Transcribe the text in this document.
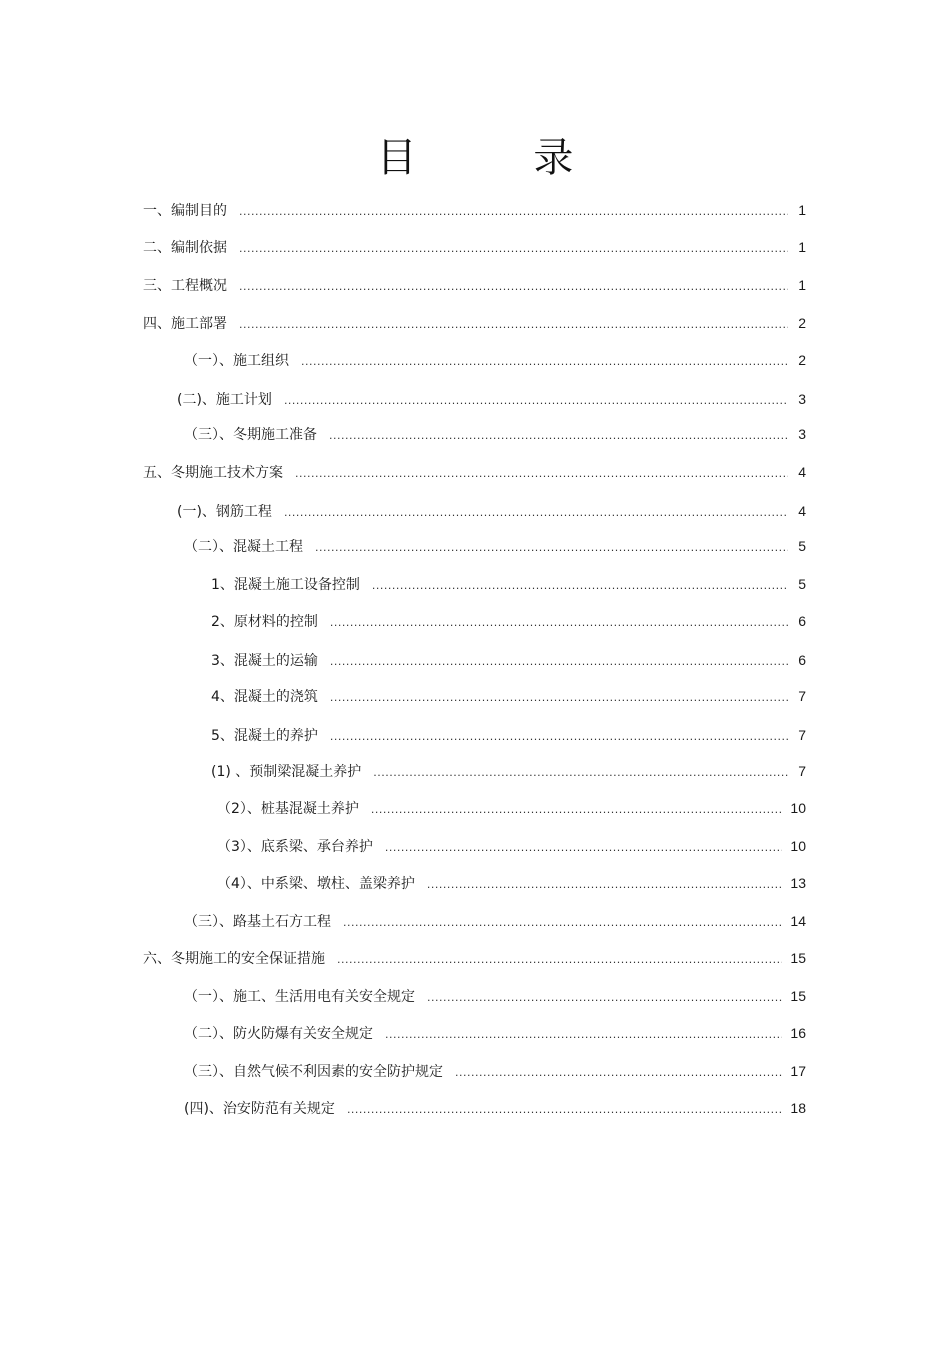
目 录
一、编制目的 .....	1
二、编制依据 .....	1
三、工程概况 .....	1
四、施工部署 .....	2
（一）、施工组织 .....	2
(二)、施工计划 .....	3
（三）、冬期施工准备 .....	3
五、冬期施工技术方案 .....	4
(一)、钢筋工程 .....	4
（二）、混凝土工程 .....	5
1、混凝土施工设备控制 .....	5
2、原材料的控制 .....	6
3、混凝土的运输 .....	6
4、混凝土的浇筑 .....	7
5、混凝土的养护 .....	7
(1) 、预制梁混凝土养护 .....	7
（2）、桩基混凝土养护 .....	10
（3）、底系梁、承台养护 .....	10
（4）、中系梁、墩柱、盖梁养护 .....	13
（三）、路基土石方工程 .....	14
六、冬期施工的安全保证措施 .....	15
（一）、施工、生活用电有关安全规定 .....	15
（二）、防火防爆有关安全规定 .....	16
（三）、自然气候不利因素的安全防护规定 .....	17
(四)、治安防范有关规定 .....	18
